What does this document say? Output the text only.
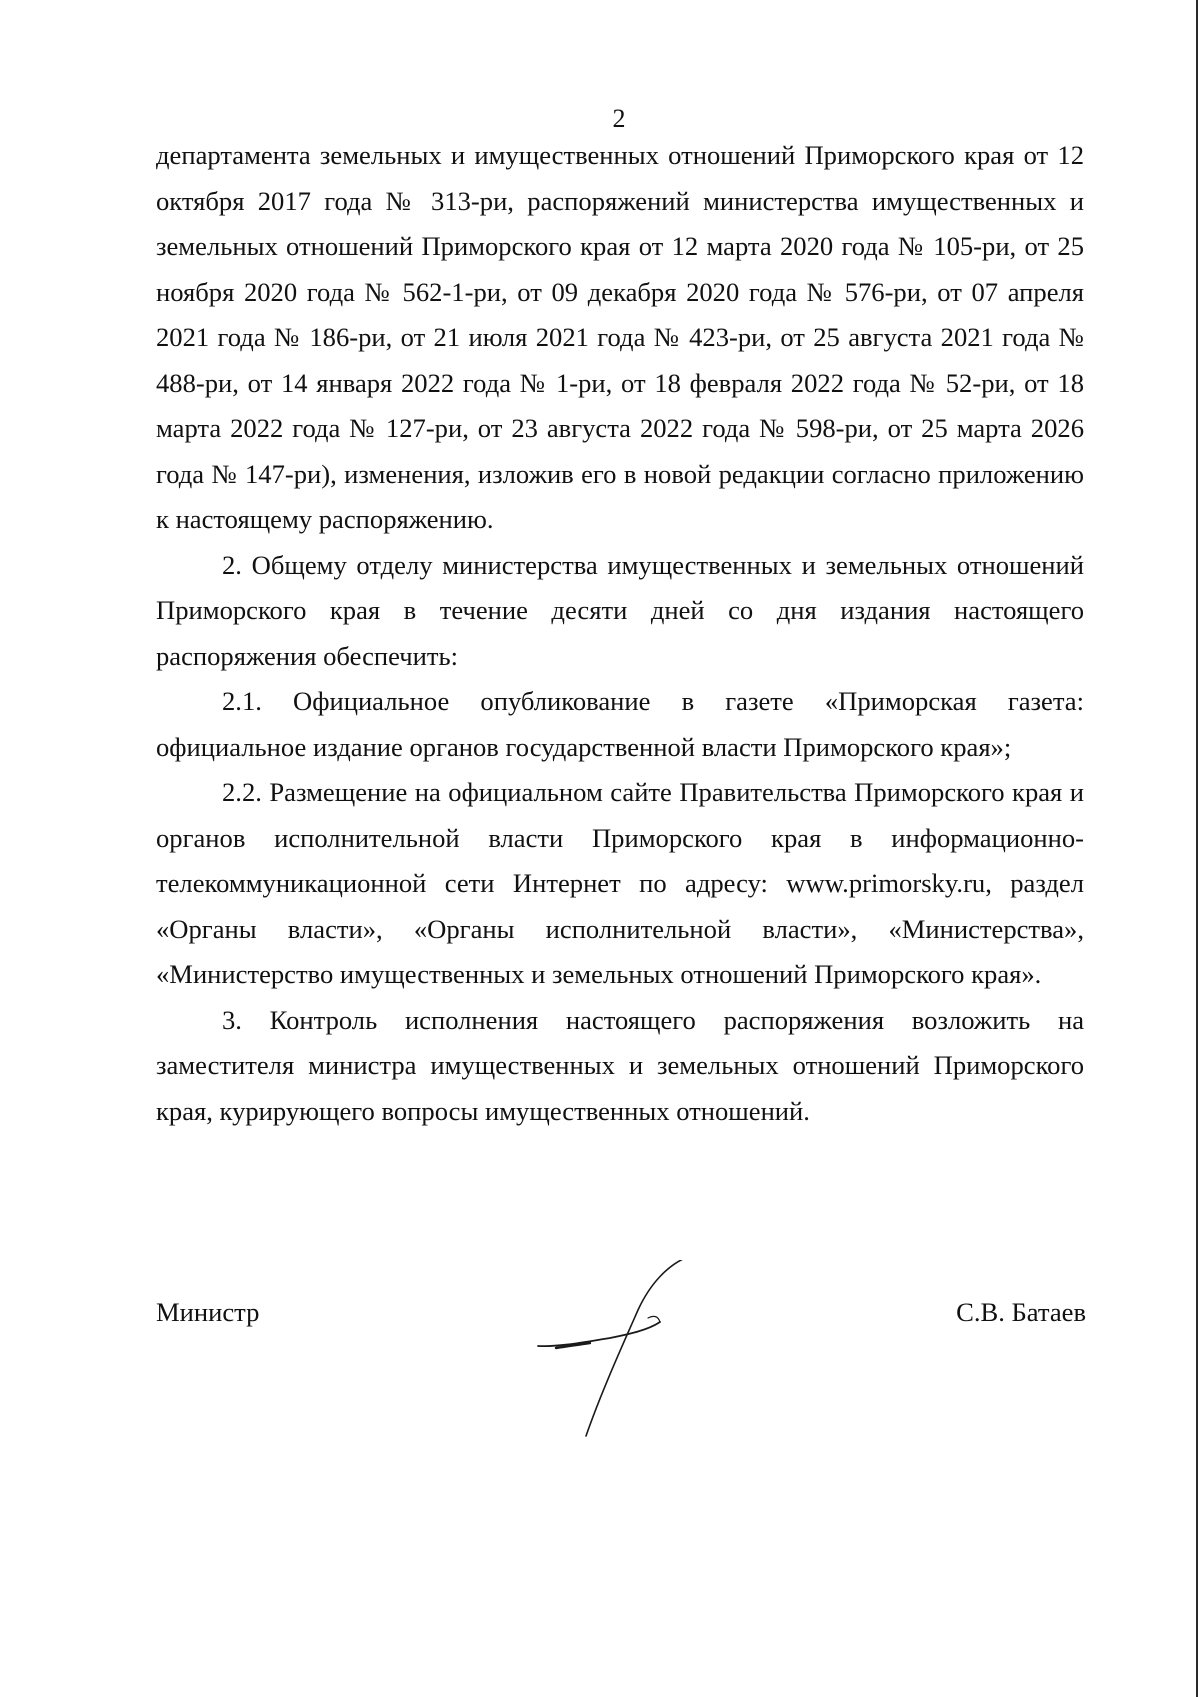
2

департамента земельных и имущественных отношений Приморского края от 12 октября 2017 года № 313-ри, распоряжений министерства имущественных и земельных отношений Приморского края от 12 марта 2020 года № 105-ри, от 25 ноября 2020 года № 562-1-ри, от 09 декабря 2020 года № 576-ри, от 07 апреля 2021 года № 186-ри, от 21 июля 2021 года № 423-ри, от 25 августа 2021 года № 488-ри, от 14 января 2022 года № 1-ри, от 18 февраля 2022 года № 52-ри, от 18 марта 2022 года № 127-ри, от 23 августа 2022 года № 598-ри, от 25 марта 2026 года № 147-ри), изменения, изложив его в новой редакции согласно приложению к настоящему распоряжению.

2. Общему отделу министерства имущественных и земельных отношений Приморского края в течение десяти дней со дня издания настоящего распоряжения обеспечить:

2.1. Официальное опубликование в газете «Приморская газета: официальное издание органов государственной власти Приморского края»;

2.2. Размещение на официальном сайте Правительства Приморского края и органов исполнительной власти Приморского края в информационно-телекоммуникационной сети Интернет по адресу: www.primorsky.ru, раздел «Органы власти», «Органы исполнительной власти», «Министерства», «Министерство имущественных и земельных отношений Приморского края».

3. Контроль исполнения настоящего распоряжения возложить на заместителя министра имущественных и земельных отношений Приморского края, курирующего вопросы имущественных отношений.

Министр	С.В. Батаев
